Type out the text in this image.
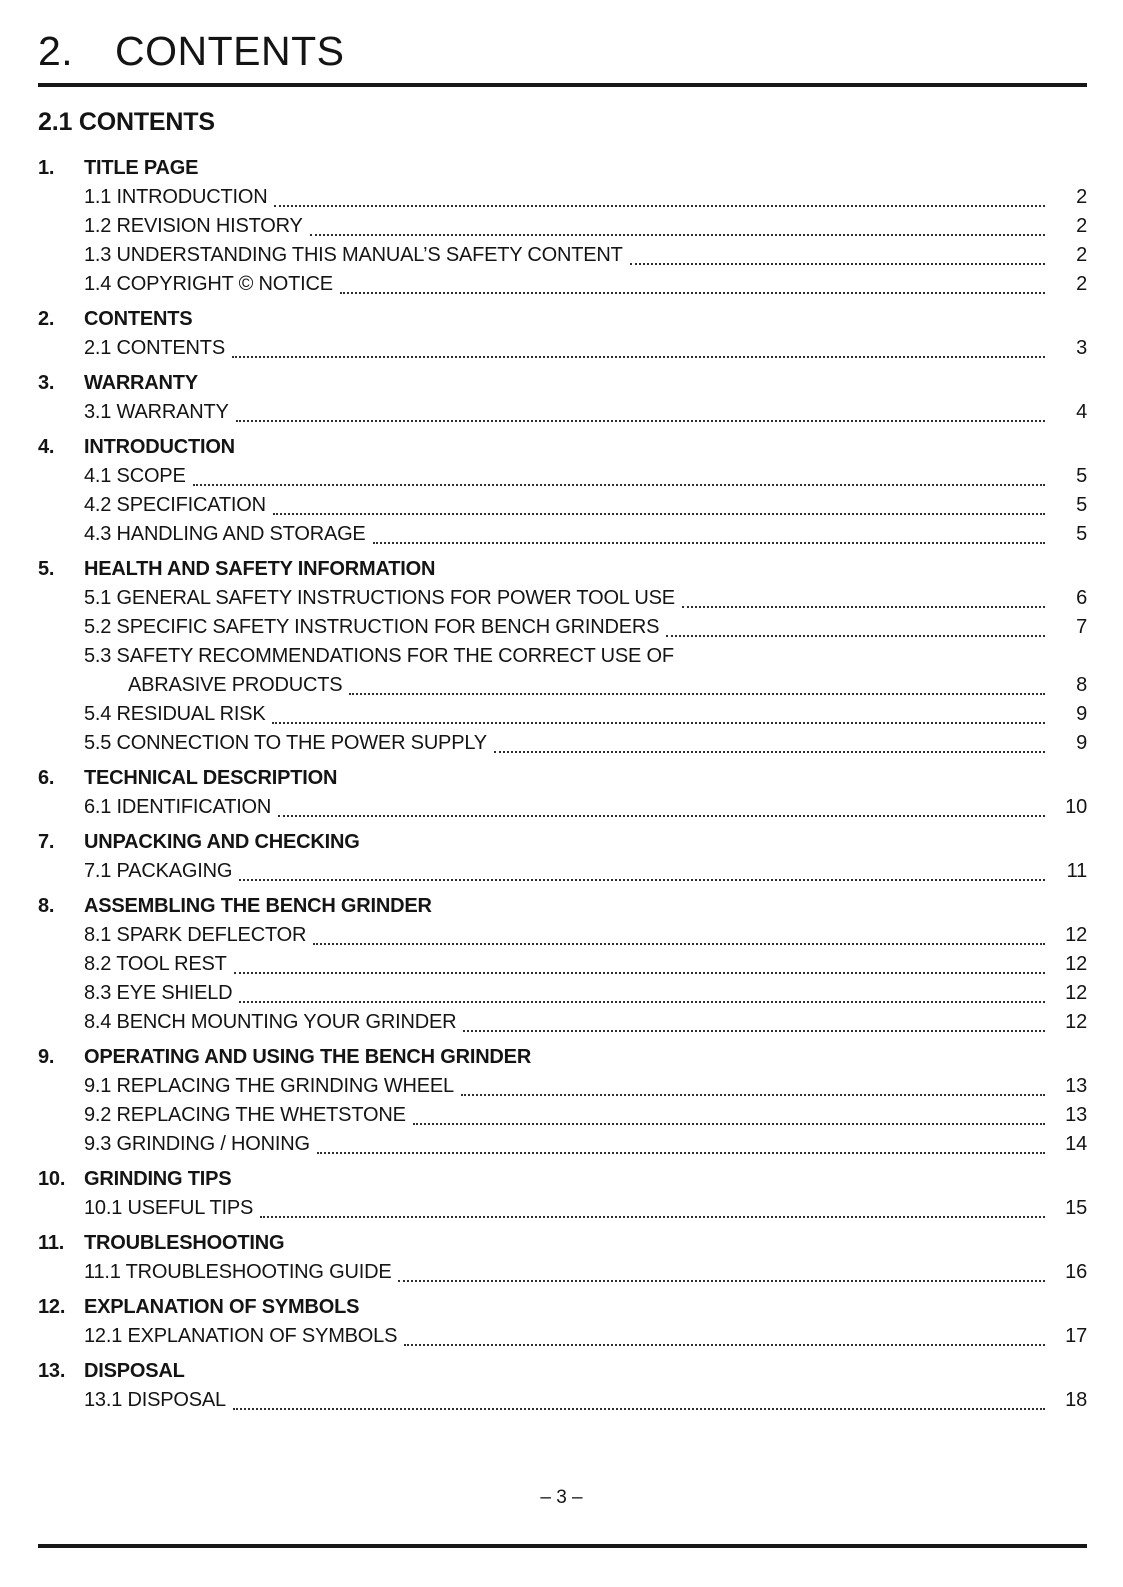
2. CONTENTS
2.1 CONTENTS
1.	TITLE PAGE
1.1 INTRODUCTION	2
1.2 REVISION HISTORY	2
1.3 UNDERSTANDING THIS MANUAL’S SAFETY CONTENT	2
1.4 COPYRIGHT © NOTICE	2
2.	CONTENTS
2.1 CONTENTS	3
3.	WARRANTY
3.1 WARRANTY	4
4.	INTRODUCTION
4.1 SCOPE	5
4.2 SPECIFICATION	5
4.3 HANDLING AND STORAGE	5
5.	HEALTH AND SAFETY INFORMATION
5.1 GENERAL SAFETY INSTRUCTIONS FOR POWER TOOL USE	6
5.2 SPECIFIC SAFETY INSTRUCTION FOR BENCH GRINDERS	7
5.3 SAFETY RECOMMENDATIONS FOR THE CORRECT USE OF
ABRASIVE PRODUCTS	8
5.4 RESIDUAL RISK	9
5.5 CONNECTION TO THE POWER SUPPLY	9
6.	TECHNICAL DESCRIPTION
6.1 IDENTIFICATION	10
7.	UNPACKING AND CHECKING
7.1 PACKAGING	11
8.	ASSEMBLING THE BENCH GRINDER
8.1 SPARK DEFLECTOR	12
8.2 TOOL REST	12
8.3 EYE SHIELD	12
8.4 BENCH MOUNTING YOUR GRINDER	12
9.	OPERATING AND USING THE BENCH GRINDER
9.1 REPLACING THE GRINDING WHEEL	13
9.2 REPLACING THE WHETSTONE	13
9.3 GRINDING / HONING	14
10. GRINDING TIPS
10.1 USEFUL TIPS	15
11. TROUBLESHOOTING
11.1 TROUBLESHOOTING GUIDE	16
12. EXPLANATION OF SYMBOLS
12.1 EXPLANATION OF SYMBOLS	17
13. DISPOSAL
13.1 DISPOSAL	18
– 3 –
